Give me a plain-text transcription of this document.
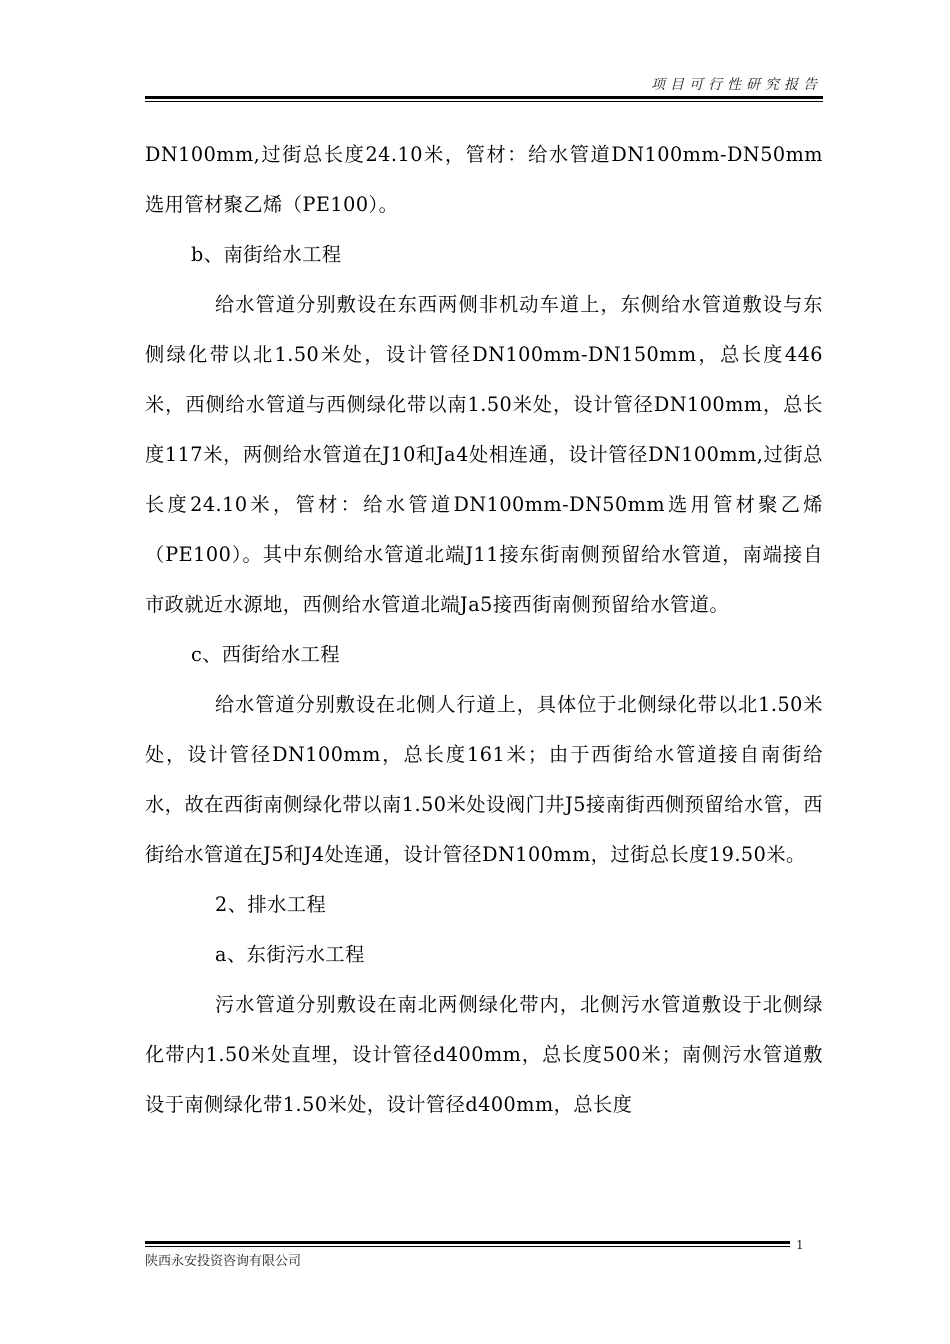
项目可行性研究报告

DN100mm,过街总长度24.10米，管材：给水管道DN100mm-DN50mm选用管材聚乙烯（PE100）。

b、南街给水工程

给水管道分别敷设在东西两侧非机动车道上，东侧给水管道敷设与东侧绿化带以北1.50米处，设计管径DN100mm-DN150mm，总长度446米，西侧给水管道与西侧绿化带以南1.50米处，设计管径DN100mm，总长度117米，两侧给水管道在J10和Ja4处相连通，设计管径DN100mm,过街总长度24.10米，管材：给水管道DN100mm-DN50mm选用管材聚乙烯（PE100）。其中东侧给水管道北端J11接东街南侧预留给水管道，南端接自市政就近水源地，西侧给水管道北端Ja5接西街南侧预留给水管道。

c、西街给水工程

给水管道分别敷设在北侧人行道上，具体位于北侧绿化带以北1.50米处，设计管径DN100mm，总长度161米；由于西街给水管道接自南街给水，故在西街南侧绿化带以南1.50米处设阀门井J5接南街西侧预留给水管，西街给水管道在J5和J4处连通，设计管径DN100mm，过街总长度19.50米。

2、排水工程

a、东街污水工程

污水管道分别敷设在南北两侧绿化带内，北侧污水管道敷设于北侧绿化带内1.50米处直埋，设计管径d400mm，总长度500米；南侧污水管道敷设于南侧绿化带1.50米处，设计管径d400mm，总长度

陕西永安投资咨询有限公司
1
